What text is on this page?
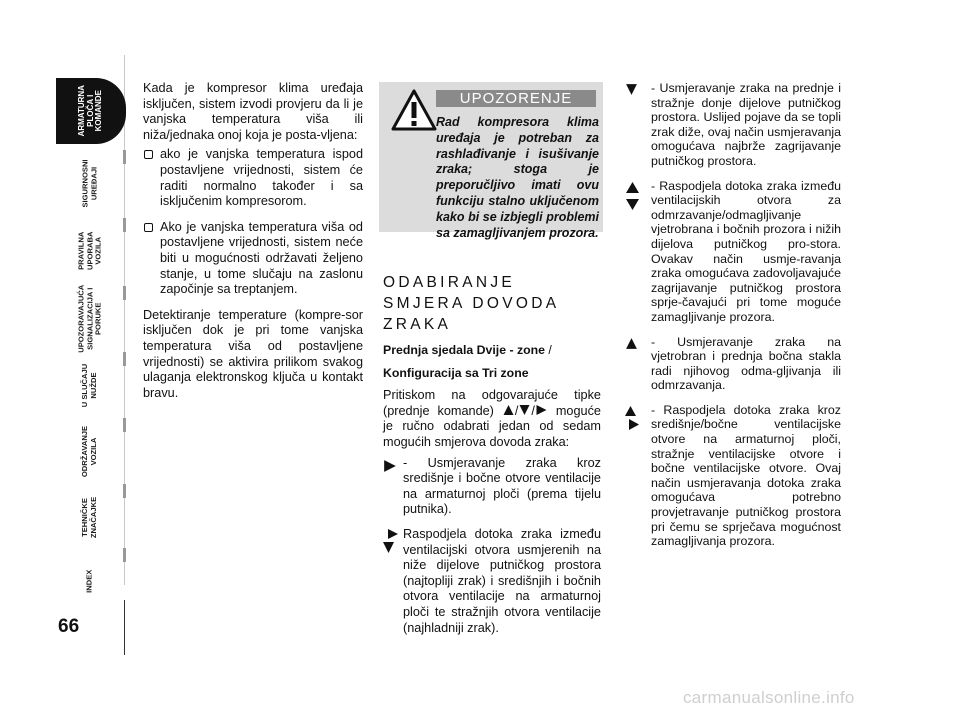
ARMATURNA
PLOČA I
KOMANDE
SIGURNOSNI
UREĐAJI
PRAVILNA
UPORABA
VOZILA
UPOZORAVAJUĆA
SIGNALIZACIJA I
PORUKE
U SLUČAJU
NUŽDE
ODRŽAVANJE
VOZILA
TEHNIČKE
ZNAČAJKE
INDEX
66

Kada je kompresor klima uređaja isključen, sistem izvodi provjeru da li je vanjska temperatura viša ili niža/jednaka onoj koja je posta-vljena:

ako je vanjska temperatura ispod postavljene vrijednosti, sistem će raditi normalno također i sa isključenim kompresorom.
Ako je vanjska temperatura viša od postavljene vrijednosti, sistem neće biti u mogućnosti održavati željeno stanje, u tome slučaju na zaslonu započinje sa treptanjem.

Detektiranje temperature (kompre-sor isključen dok je pri tome vanjska temperatura viša od postavljene vrijednosti) se aktivira prilikom svakog ulaganja elektronskog ključa u kontakt bravu.

UPOZORENJE
Rad kompresora klima uređaja je potreban za rashlađivanje i isušivanje zraka; stoga je preporučljivo imati ovu funkciju stalno uključenom kako bi se izbjegli problemi sa zamagljivanjem prozora.
ODABIRANJE SMJERA DOVODA ZRAKA
Prednja sjedala Dvije - zone /
Konfiguracija sa Tri zone

Pritiskom na odgovarajuće tipke (prednje komande) / / moguće je ručno odabrati jedan od sedam mogućih smjerova dovoda zraka:

- Usmjeravanje zraka kroz središnje i bočne otvore ventilacije na armaturnoj ploči (prema tijelu putnika).
Raspodjela dotoka zraka između ventilacijski otvora usmjerenih na niže dijelove putničkog prostora (najtopliji zrak) i središnjih i bočnih otvora ventilacije na armaturnoj ploči te stražnjih otvora ventilacije (najhladniji zrak).
- Usmjeravanje zraka na prednje i stražnje donje dijelove putničkog prostora. Uslijed pojave da se topli zrak diže, ovaj način usmjeravanja omogućava najbrže zagrijavanje putničkog prostora.
- Raspodjela dotoka zraka između ventilacijskih otvora za odmrzavanje/odmagljivanje vjetrobrana i bočnih prozora i nižih dijelova putničkog pro-stora. Ovakav način usmje-ravanja zraka omogućava zadovoljavajuće zagrijavanje putničkog prostora sprje-čavajući pri tome moguće zamagljivanje prozora.
- Usmjeravanje zraka na vjetrobran i prednja bočna stakla radi njihovog odma-gljivanja ili odmrzavanja.
- Raspodjela dotoka zraka kroz središnje/bočne ventilacijske otvore na armaturnoj ploči, stražnje ventilacijske otvore i bočne ventilacijske otvore. Ovaj način usmjeravanja dotoka zraka omogućava potrebno provjetravanje putničkog prostora pri čemu se sprječava mogućnost zamagljivanja prozora.
carmanualsonline.info
